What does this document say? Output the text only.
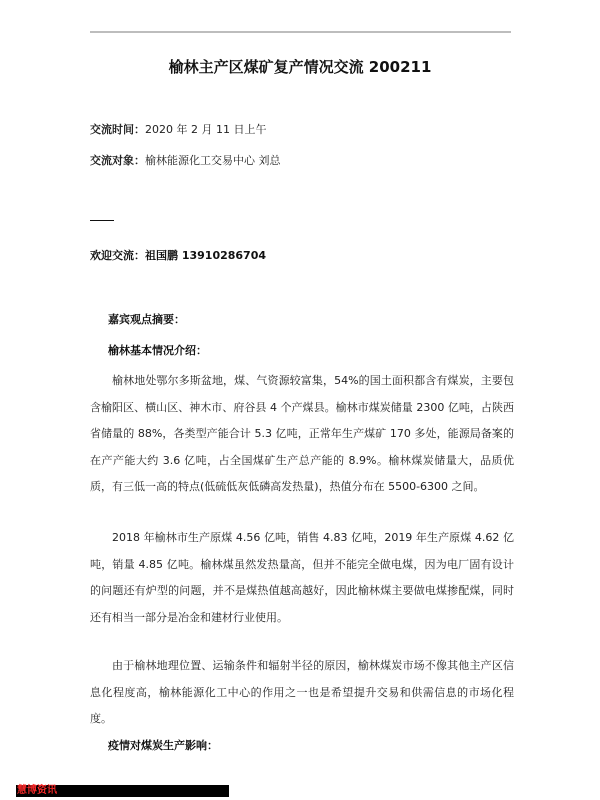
榆林主产区煤矿复产情况交流 200211
交流时间：2020 年 2 月 11 日上午
交流对象：榆林能源化工交易中心 刘总
欢迎交流：祖国鹏 13910286704
嘉宾观点摘要：
榆林基本情况介绍：

榆林地处鄂尔多斯盆地，煤、气资源较富集，54%的国土面积都含有煤炭，主要包含榆阳区、横山区、神木市、府谷县 4 个产煤县。榆林市煤炭储量 2300 亿吨，占陕西省储量的 88%，各类型产能合计 5.3 亿吨，正常年生产煤矿 170 多处，能源局备案的在产产能大约 3.6 亿吨，占全国煤矿生产总产能的 8.9%。榆林煤炭储量大，品质优质，有三低一高的特点(低硫低灰低磷高发热量)，热值分布在 5500-6300 之间。

2018 年榆林市生产原煤 4.56 亿吨，销售 4.83 亿吨，2019 年生产原煤 4.62 亿吨，销量 4.85 亿吨。榆林煤虽然发热量高，但并不能完全做电煤，因为电厂固有设计的问题还有炉型的问题，并不是煤热值越高越好，因此榆林煤主要做电煤掺配煤，同时还有相当一部分是冶金和建材行业使用。

由于榆林地理位置、运输条件和辐射半径的原因，榆林煤炭市场不像其他主产区信息化程度高，榆林能源化工中心的作用之一也是希望提升交易和供需信息的市场化程度。

疫情对煤炭生产影响：
慧博资讯
